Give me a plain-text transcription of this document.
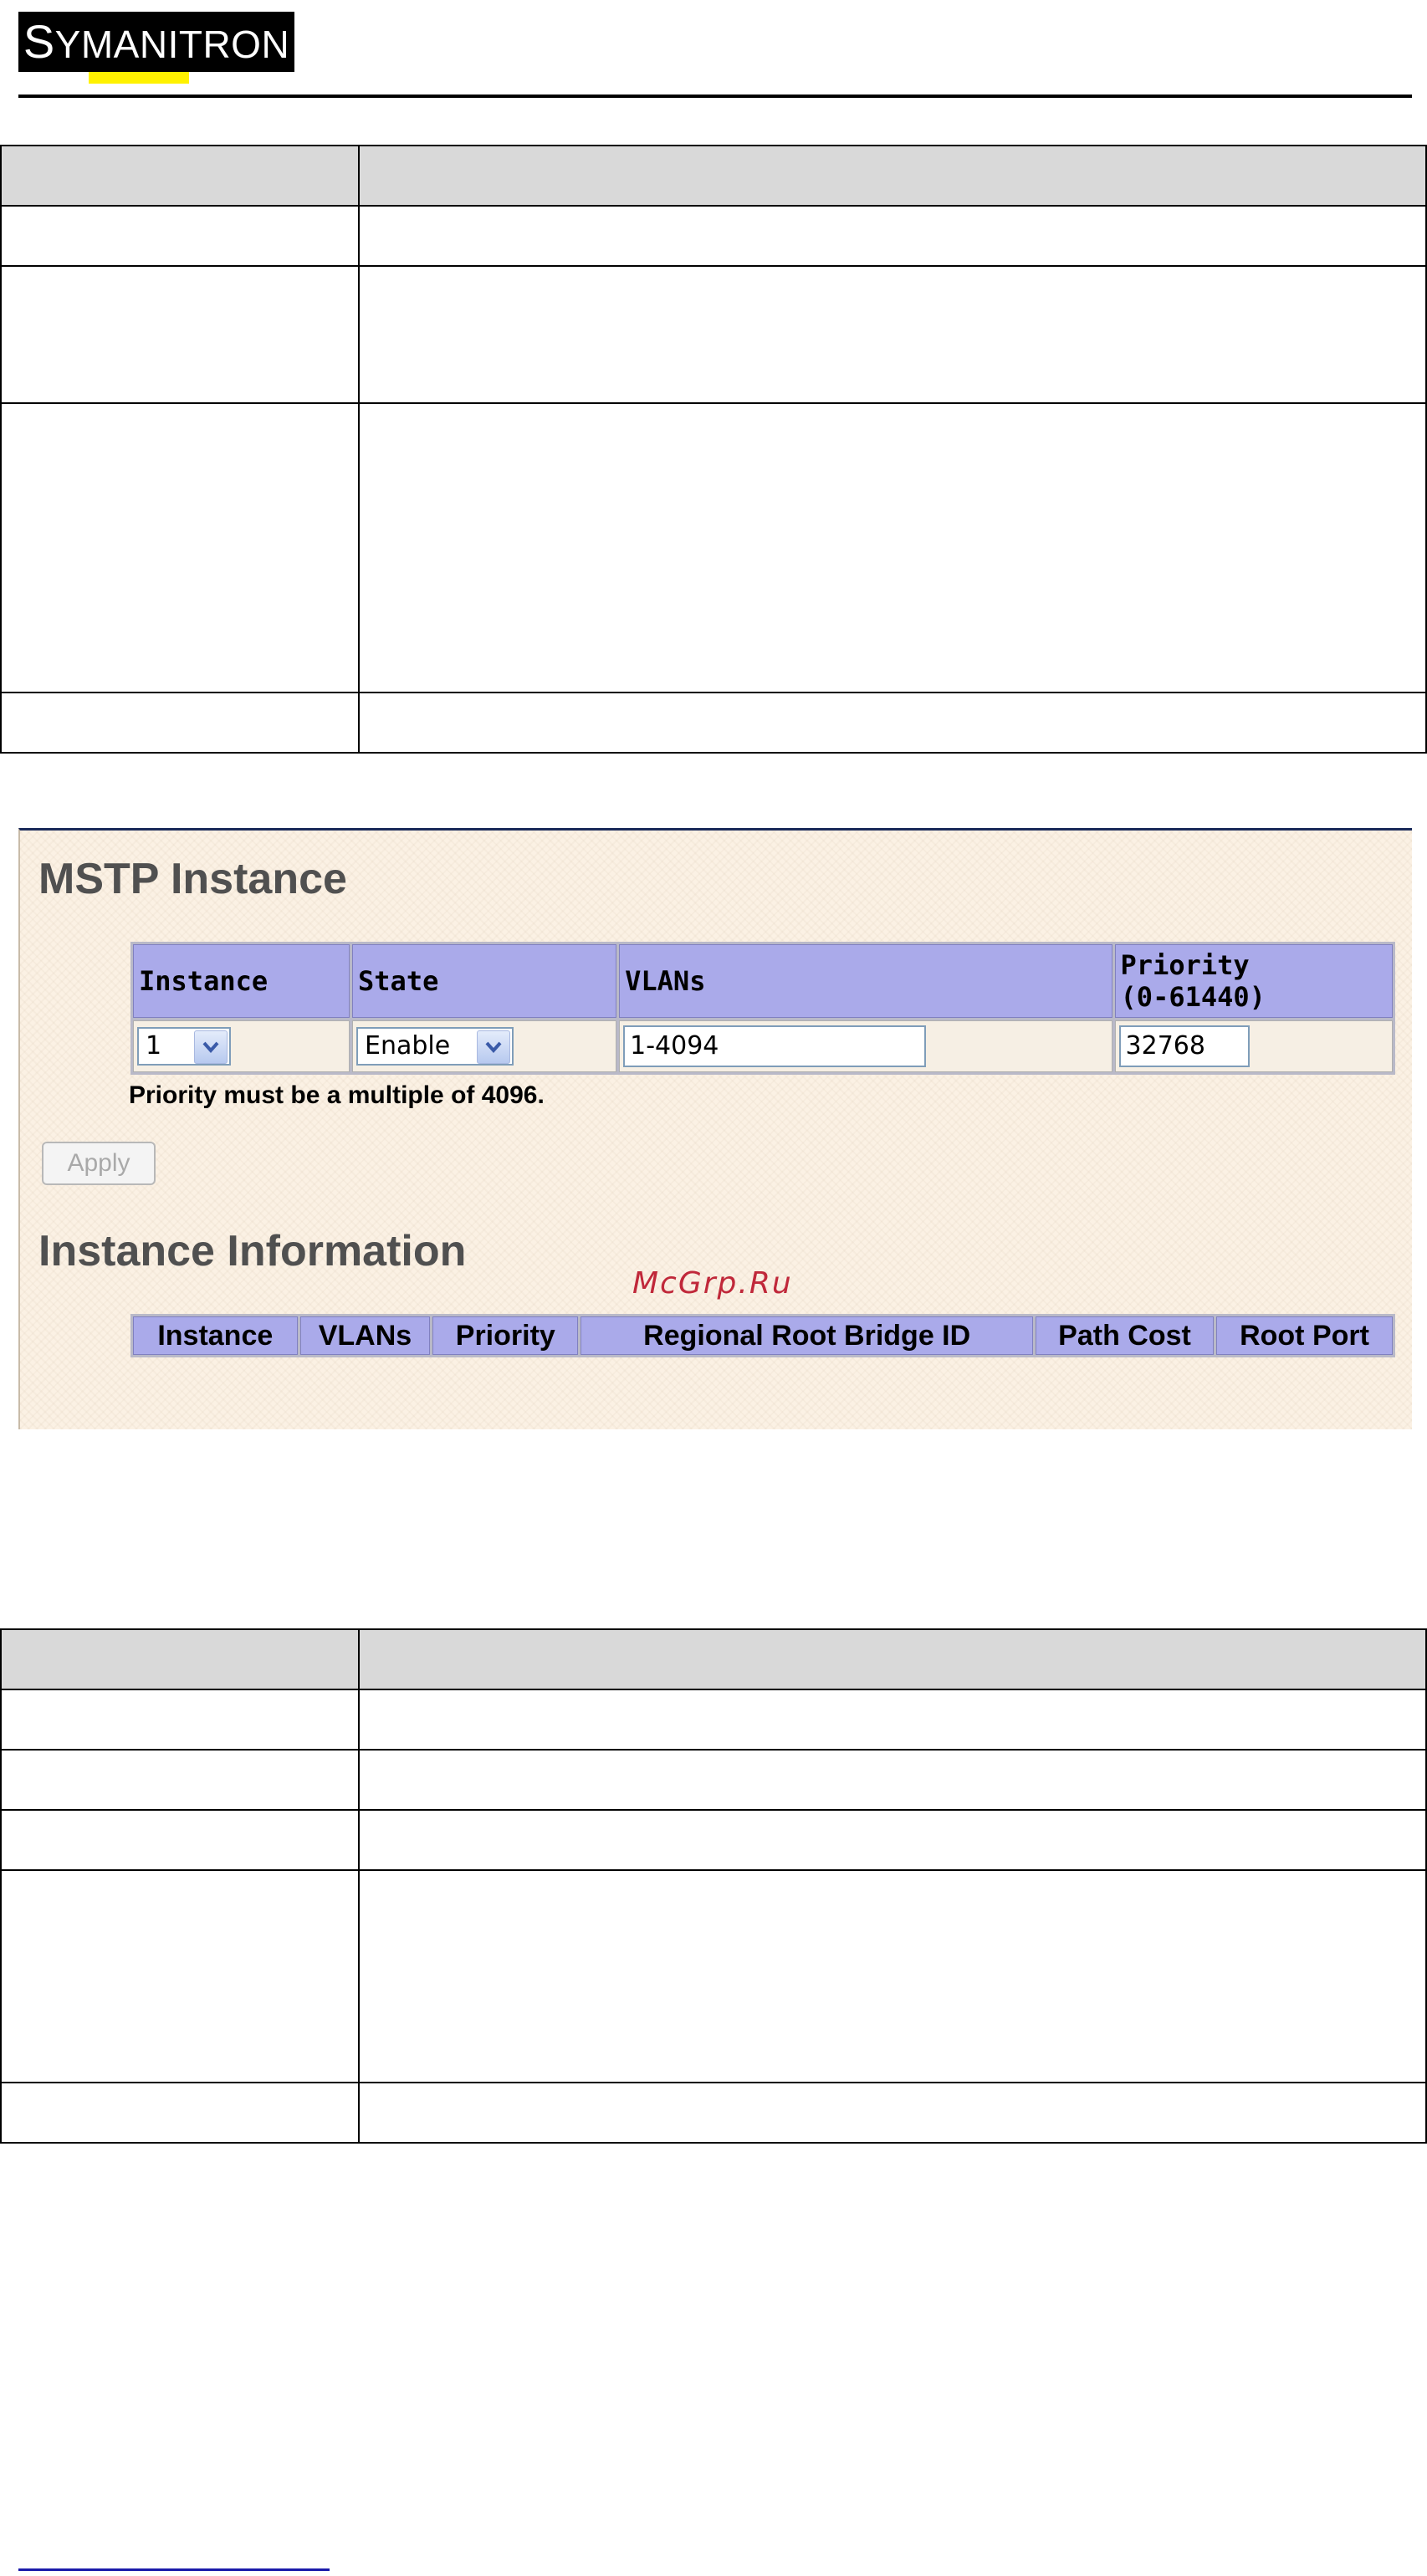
SYMANITRON

MSTP Instance
Instance	State	VLANs	Priority
(0-61440)
1	Enable	1-4094	32768
Priority must be a multiple of 4096.
Apply
Instance Information
Instance	VLANs	Priority	Regional Root Bridge ID	Path Cost	Root Port
McGrp.Ru
